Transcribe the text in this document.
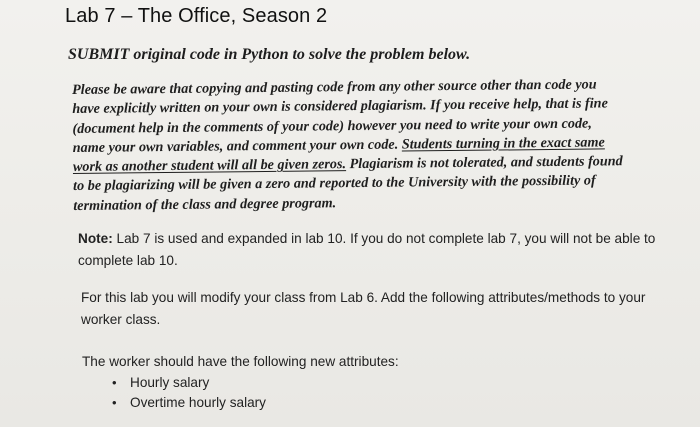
Lab 7 – The Office, Season 2
SUBMIT original code in Python to solve the problem below.

Please be aware that copying and pasting code from any other source other than code you
have explicitly written on your own is considered plagiarism. If you receive help, that is fine
(document help in the comments of your code) however you need to write your own code,
name your own variables, and comment your own code. Students turning in the exact same
work as another student will all be given zeros. Plagiarism is not tolerated, and students found
to be plagiarizing will be given a zero and reported to the University with the possibility of
termination of the class and degree program.

Note: Lab 7 is used and expanded in lab 10. If you do not complete lab 7, you will not be able to complete lab 10.

For this lab you will modify your class from Lab 6. Add the following attributes/methods to your worker class.

The worker should have the following new attributes:

• Hourly salary
• Overtime hourly salary
